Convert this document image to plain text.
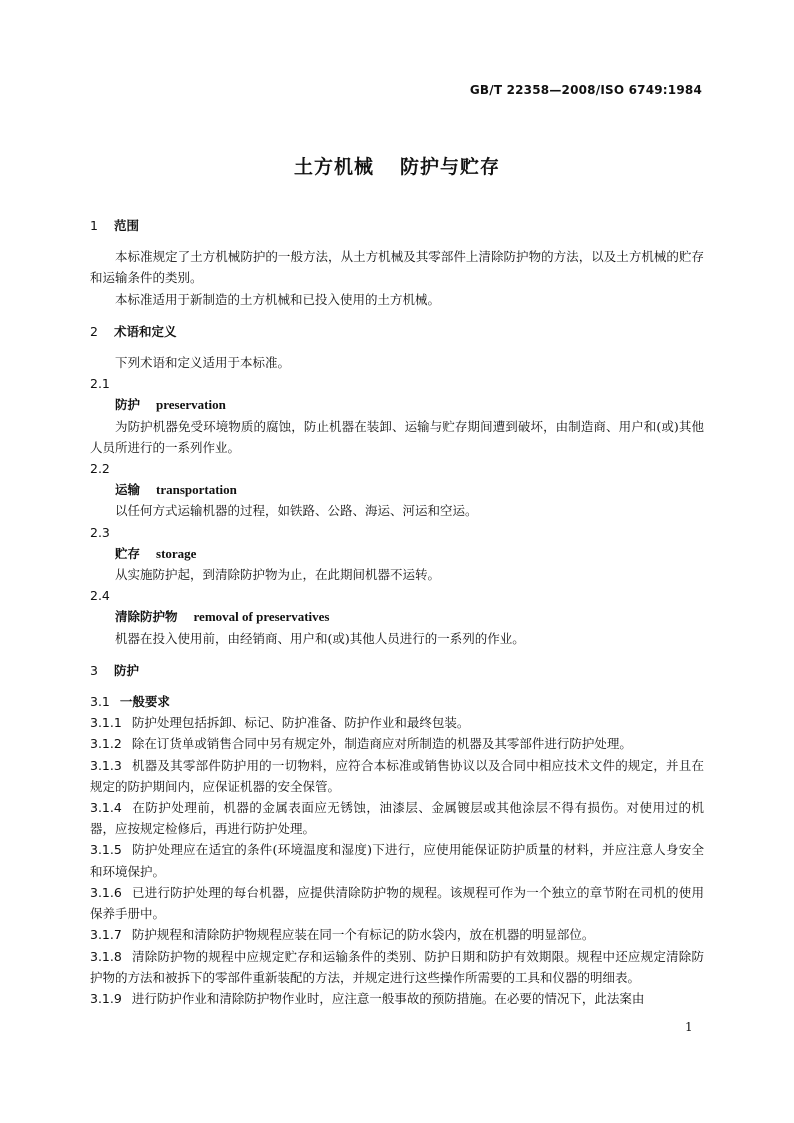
GB/T 22358—2008/ISO 6749:1984
土方机械 防护与贮存
1 范围

本标准规定了土方机械防护的一般方法，从土方机械及其零部件上清除防护物的方法，以及土方机械的贮存和运输条件的类别。

本标准适用于新制造的土方机械和已投入使用的土方机械。

2 术语和定义

下列术语和定义适用于本标准。

2.1
防护 preservation

为防护机器免受环境物质的腐蚀，防止机器在装卸、运输与贮存期间遭到破坏，由制造商、用户和(或)其他人员所进行的一系列作业。

2.2
运输 transportation

以任何方式运输机器的过程，如铁路、公路、海运、河运和空运。

2.3
贮存 storage

从实施防护起，到清除防护物为止，在此期间机器不运转。

2.4
清除防护物 removal of preservatives

机器在投入使用前，由经销商、用户和(或)其他人员进行的一系列的作业。

3 防护
3.1 一般要求

3.1.1 防护处理包括拆卸、标记、防护准备、防护作业和最终包装。

3.1.2 除在订货单或销售合同中另有规定外，制造商应对所制造的机器及其零部件进行防护处理。

3.1.3 机器及其零部件防护用的一切物料，应符合本标准或销售协议以及合同中相应技术文件的规定，并且在规定的防护期间内，应保证机器的安全保管。

3.1.4 在防护处理前，机器的金属表面应无锈蚀，油漆层、金属镀层或其他涂层不得有损伤。对使用过的机器，应按规定检修后，再进行防护处理。

3.1.5 防护处理应在适宜的条件(环境温度和湿度)下进行，应使用能保证防护质量的材料，并应注意人身安全和环境保护。

3.1.6 已进行防护处理的每台机器，应提供清除防护物的规程。该规程可作为一个独立的章节附在司机的使用保养手册中。

3.1.7 防护规程和清除防护物规程应装在同一个有标记的防水袋内，放在机器的明显部位。

3.1.8 清除防护物的规程中应规定贮存和运输条件的类别、防护日期和防护有效期限。规程中还应规定清除防护物的方法和被拆下的零部件重新装配的方法，并规定进行这些操作所需要的工具和仪器的明细表。

3.1.9 进行防护作业和清除防护物作业时，应注意一般事故的预防措施。在必要的情况下，此法案由

1
